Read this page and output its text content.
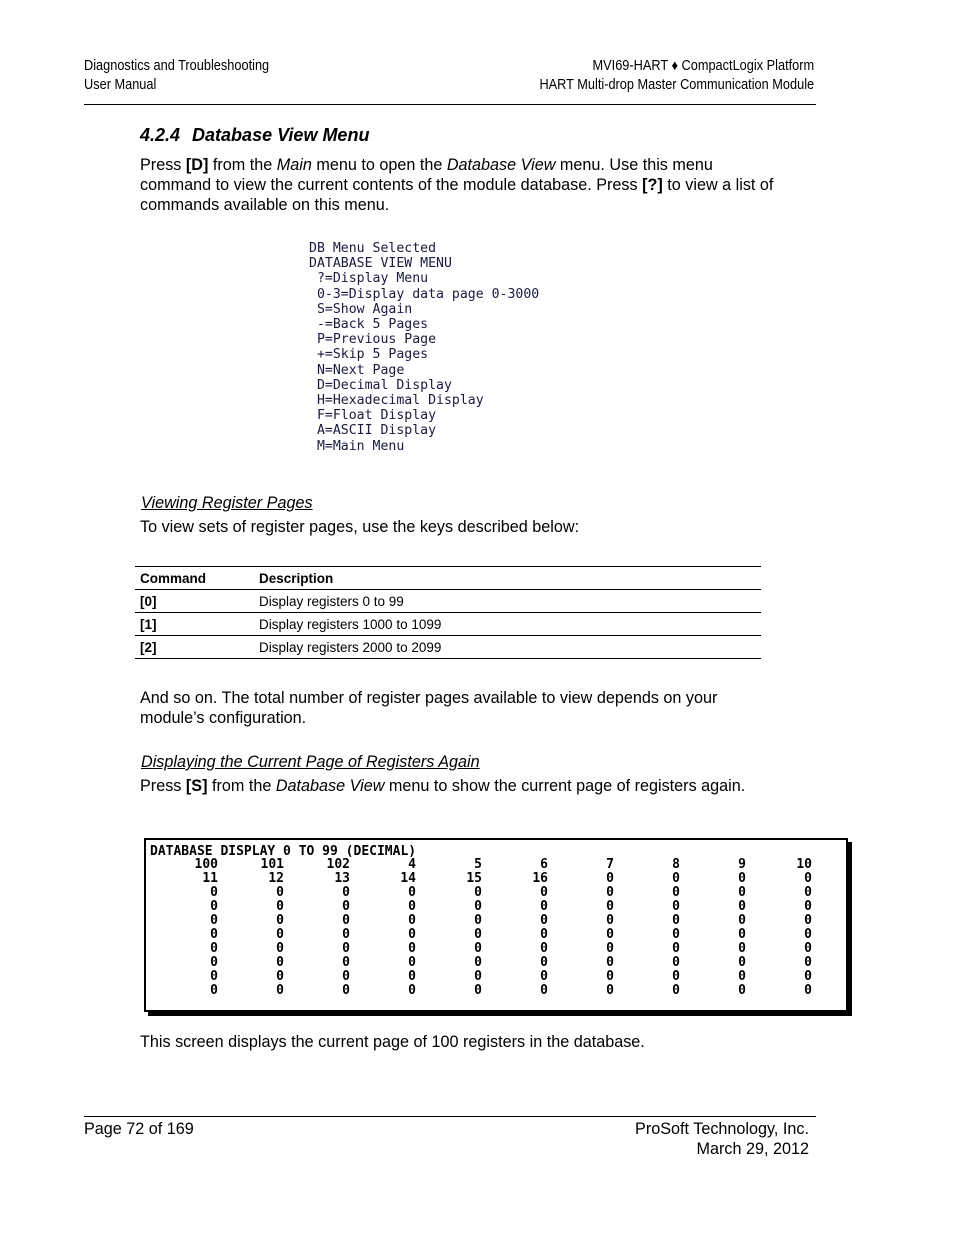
Diagnostics and Troubleshooting
User Manual
MVI69-HART ♦ CompactLogix Platform
HART Multi-drop Master Communication Module
4.2.4 Database View Menu
Press [D] from the Main menu to open the Database View menu. Use this menu command to view the current contents of the module database. Press [?] to view a list of commands available on this menu.
DB Menu Selected
DATABASE VIEW MENU
?=Display Menu
0-3=Display data page 0-3000
S=Show Again
-=Back 5 Pages
P=Previous Page
+=Skip 5 Pages
N=Next Page
D=Decimal Display
H=Hexadecimal Display
F=Float Display
A=ASCII Display
M=Main Menu
Viewing Register Pages
To view sets of register pages, use the keys described below:
Command	Description
[0]	Display registers 0 to 99
[1]	Display registers 1000 to 1099
[2]	Display registers 2000 to 2099
And so on. The total number of register pages available to view depends on your module’s configuration.
Displaying the Current Page of Registers Again
Press [S] from the Database View menu to show the current page of registers again.
DATABASE DISPLAY 0 TO 99 (DECIMAL)
100	101	102	4	5	6	7	8	9	10
11	12	13	14	15	16	0	0	0	0
0	0	0	0	0	0	0	0	0	0
0	0	0	0	0	0	0	0	0	0
0	0	0	0	0	0	0	0	0	0
0	0	0	0	0	0	0	0	0	0
0	0	0	0	0	0	0	0	0	0
0	0	0	0	0	0	0	0	0	0
0	0	0	0	0	0	0	0	0	0
0	0	0	0	0	0	0	0	0	0
This screen displays the current page of 100 registers in the database.
Page 72 of 169	ProSoft Technology, Inc.
March 29, 2012
